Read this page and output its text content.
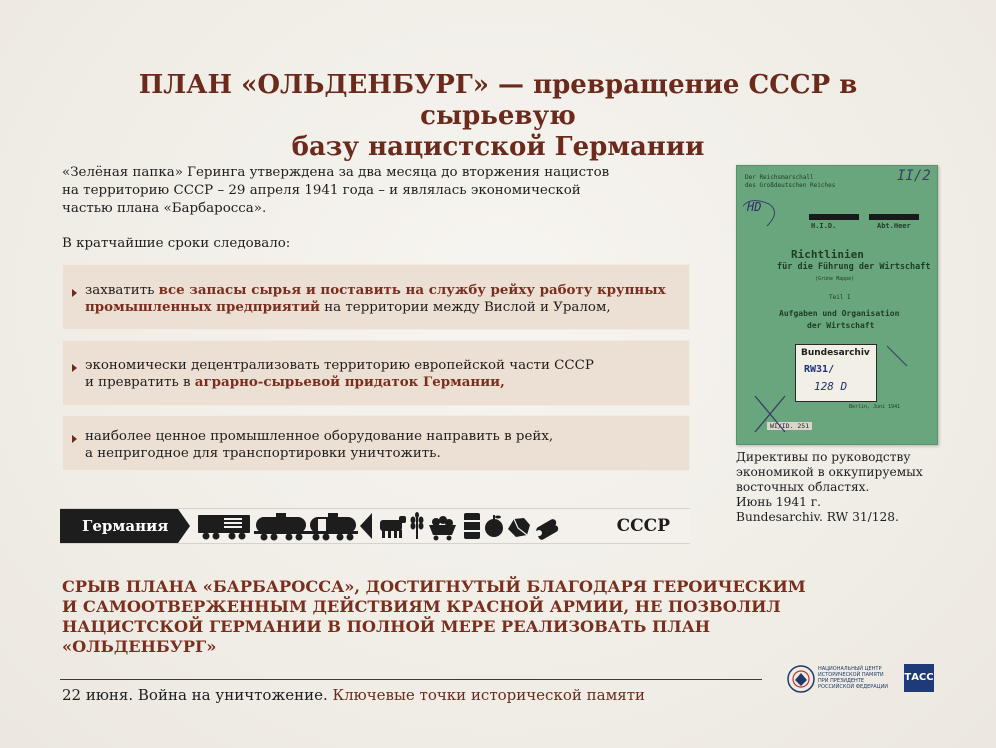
ПЛАН «ОЛЬДЕНБУРГ» — превращение СССР в сырьевую
базу нацистской Германии

«Зелёная папка» Геринга утверждена за два месяца до вторжения нацистов

на территорию СССР – 29 апреля 1941 года – и являлась экономической

частью плана «Барбаросса».

В кратчайшие сроки следовало:
захватить все запасы сырья и поставить на службу рейху работу крупных
промышленных предприятий на территории между Вислой и Уралом,
экономически децентрализовать территорию европейской части СССР
и превратить в аграрно-сырьевой придаток Германии,
наиболее ценное промышленное оборудование направить в рейх,
а непригодное для транспортировки уничтожить.
Германия	СССР
Der Reichsmarschall
des Großdeutschen Reiches
II/2
HD
H.I.D.	Abt.Heer
Richtlinien
für die Führung der Wirtschaft
(Grüne Mappe)
Teil I
Aufgaben und Organisation
der Wirtschaft
Bundesarchiv
RW31/
128 D
Berlin, Juni 1941
WI/ID. 251

Директивы по руководству

экономикой в оккупируемых

восточных областях.

Июнь 1941 г.

Bundesarchiv. RW 31/128.

СРЫВ ПЛАНА «БАРБАРОССА», ДОСТИГНУТЫЙ БЛАГОДАРЯ ГЕРОИЧЕСКИМ

И САМООТВЕРЖЕННЫМ ДЕЙСТВИЯМ КРАСНОЙ АРМИИ, НЕ ПОЗВОЛИЛ

НАЦИСТСКОЙ ГЕРМАНИИ В ПОЛНОЙ МЕРЕ РЕАЛИЗОВАТЬ ПЛАН «ОЛЬДЕНБУРГ»

22 июня. Война на уничтожение. Ключевые точки исторической памяти
НАЦИОНАЛЬНЫЙ ЦЕНТР
ИСТОРИЧЕСКОЙ ПАМЯТИ
ПРИ ПРЕЗИДЕНТЕ
РОССИЙСКОЙ ФЕДЕРАЦИИ
ТАСС
